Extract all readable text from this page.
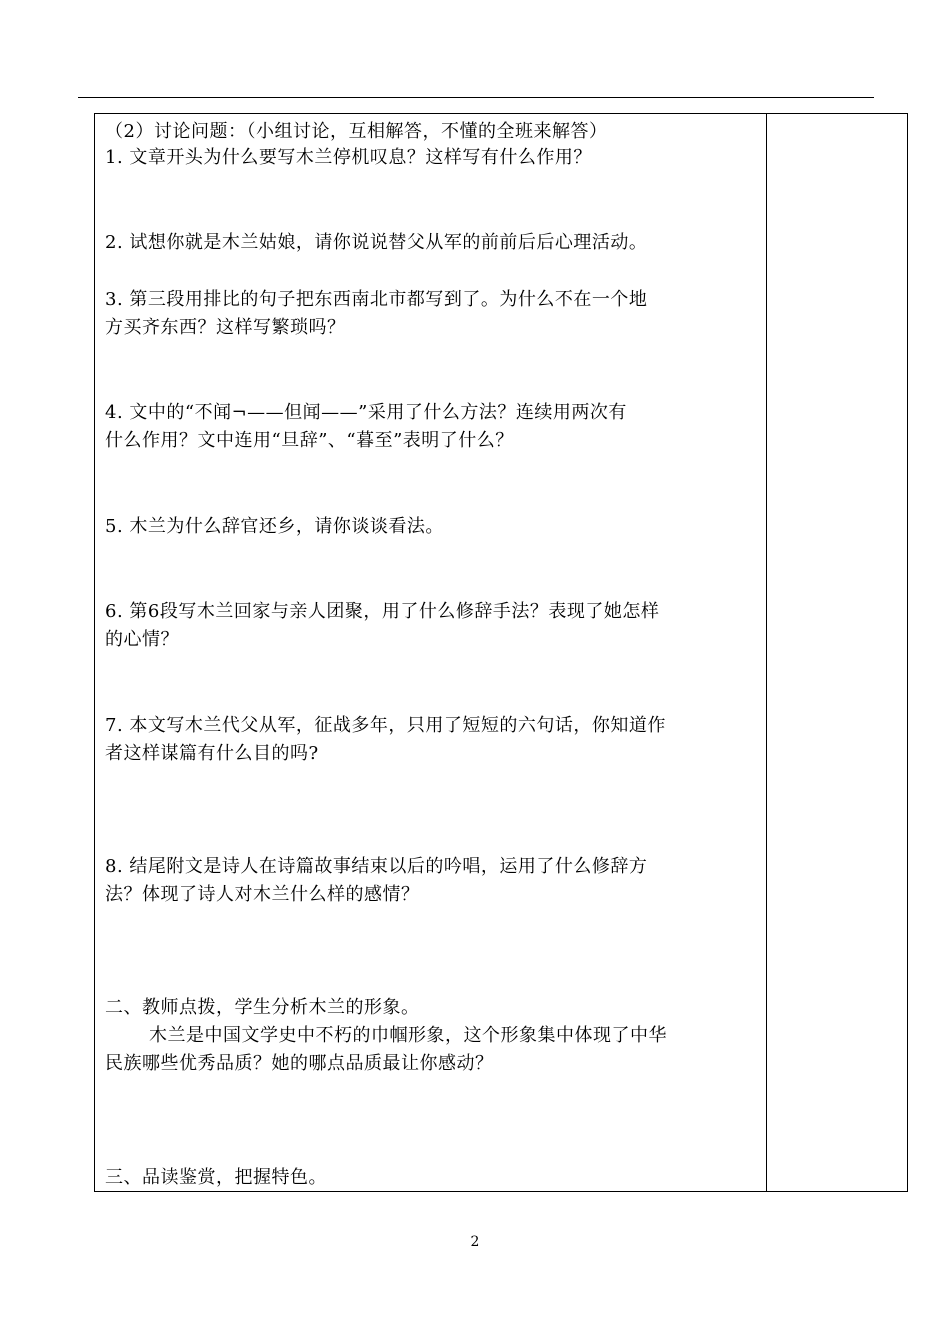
（2）讨论问题：（小组讨论，互相解答，不懂的全班来解答）
1. 文章开头为什么要写木兰停机叹息？这样写有什么作用？
2. 试想你就是木兰姑娘，请你说说替父从军的前前后后心理活动。
3. 第三段用排比的句子把东西南北市都写到了。为什么不在一个地
方买齐东西？这样写繁琐吗？
4. 文中的“不闻¬——但闻——”采用了什么方法？连续用两次有
什么作用？文中连用“旦辞”、“暮至”表明了什么？
5. 木兰为什么辞官还乡，请你谈谈看法。
6. 第6段写木兰回家与亲人团聚，用了什么修辞手法？表现了她怎样
的心情？
7. 本文写木兰代父从军，征战多年，只用了短短的六句话，你知道作
者这样谋篇有什么目的吗?
8. 结尾附文是诗人在诗篇故事结束以后的吟唱，运用了什么修辞方
法？体现了诗人对木兰什么样的感情？
二、教师点拨，学生分析木兰的形象。
木兰是中国文学史中不朽的巾帼形象，这个形象集中体现了中华
民族哪些优秀品质？她的哪点品质最让你感动？
三、品读鉴赏，把握特色。
2
